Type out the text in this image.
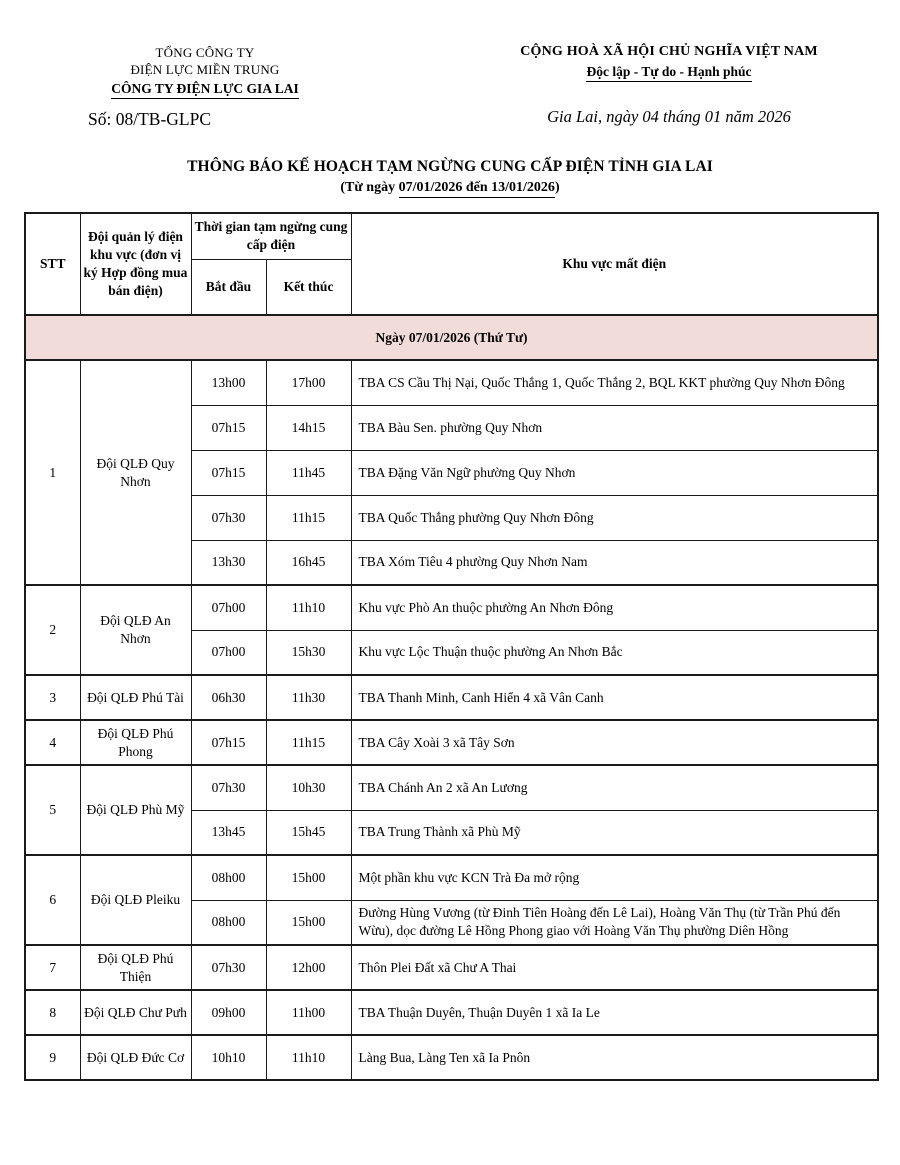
TỔNG CÔNG TY
ĐIỆN LỰC MIỀN TRUNG
CÔNG TY ĐIỆN LỰC GIA LAI
Số: 08/TB-GLPC
CỘNG HOÀ XÃ HỘI CHỦ NGHĨA VIỆT NAM
Độc lập - Tự do - Hạnh phúc
Gia Lai, ngày 04 tháng 01 năm 2026
THÔNG BÁO KẾ HOẠCH TẠM NGỪNG CUNG CẤP ĐIỆN TỈNH GIA LAI
(Từ ngày 07/01/2026 đến 13/01/2026)
STT	Đội quản lý điện khu vực (đơn vị ký Hợp đồng mua bán điện)	Thời gian tạm ngừng cung cấp điện		Khu vực mất điện
		Bắt đầu	Kết thúc	
Ngày 07/01/2026 (Thứ Tư)				
1	Đội QLĐ Quy Nhơn	13h00	17h00	TBA CS Cầu Thị Nại, Quốc Thắng 1, Quốc Thắng 2, BQL KKT phường Quy Nhơn Đông
		07h15	14h15	TBA Bàu Sen. phường Quy Nhơn
		07h15	11h45	TBA Đặng Văn Ngữ phường Quy Nhơn
		07h30	11h15	TBA Quốc Thắng phường Quy Nhơn Đông
		13h30	16h45	TBA Xóm Tiêu 4 phường Quy Nhơn Nam
2	Đội QLĐ An Nhơn	07h00	11h10	Khu vực Phò An thuộc phường An Nhơn Đông
		07h00	15h30	Khu vực Lộc Thuận thuộc phường An Nhơn Bắc
3	Đội QLĐ Phú Tài	06h30	11h30	TBA Thanh Minh, Canh Hiển 4 xã Vân Canh
4	Đội QLĐ Phú Phong	07h15	11h15	TBA Cây Xoài 3 xã Tây Sơn
5	Đội QLĐ Phù Mỹ	07h30	10h30	TBA Chánh An 2 xã An Lương
		13h45	15h45	TBA Trung Thành xã Phù Mỹ
6	Đội QLĐ Pleiku	08h00	15h00	Một phần khu vực KCN Trà Đa mở rộng
		08h00	15h00	Đường Hùng Vương (từ Đinh Tiên Hoàng đến Lê Lai), Hoàng Văn Thụ (từ Trần Phú đến Wừu), dọc đường Lê Hồng Phong giao với Hoàng Văn Thụ phường Diên Hồng
7	Đội QLĐ Phú Thiện	07h30	12h00	Thôn Plei Đất xã Chư A Thai
8	Đội QLĐ Chư Pưh	09h00	11h00	TBA Thuận Duyên, Thuận Duyên 1 xã Ia Le
9	Đội QLĐ Đức Cơ	10h10	11h10	Làng Bua, Làng Ten xã Ia Pnôn
